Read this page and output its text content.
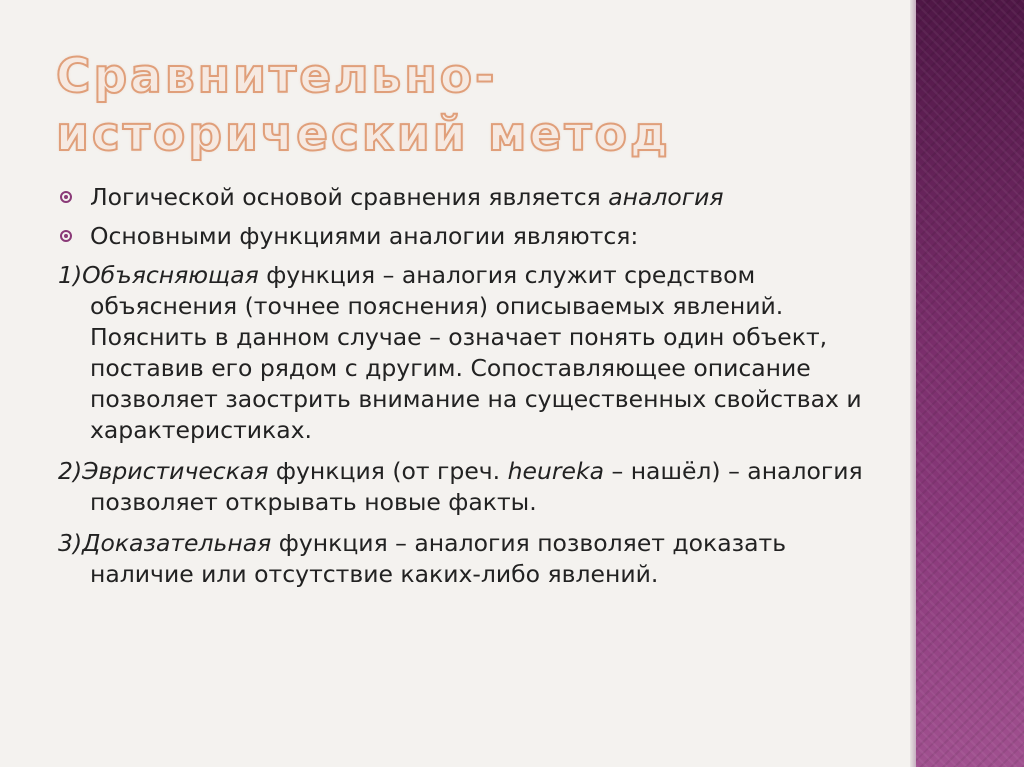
Сравнительно-исторический метод
Логической основой сравнения является аналогия
Основными функциями аналогии являются:
1)Объясняющая функция – аналогия служит средством объяснения (точнее пояснения) описываемых явлений. Пояснить в данном случае – означает понять один объект, поставив его рядом с другим. Сопоставляющее описание позволяет заострить внимание на существенных свойствах и характеристиках.
2)Эвристическая функция (от греч. heureka – нашёл) – аналогия позволяет открывать новые факты.
3)Доказательная функция – аналогия позволяет доказать наличие или отсутствие каких-либо явлений.
